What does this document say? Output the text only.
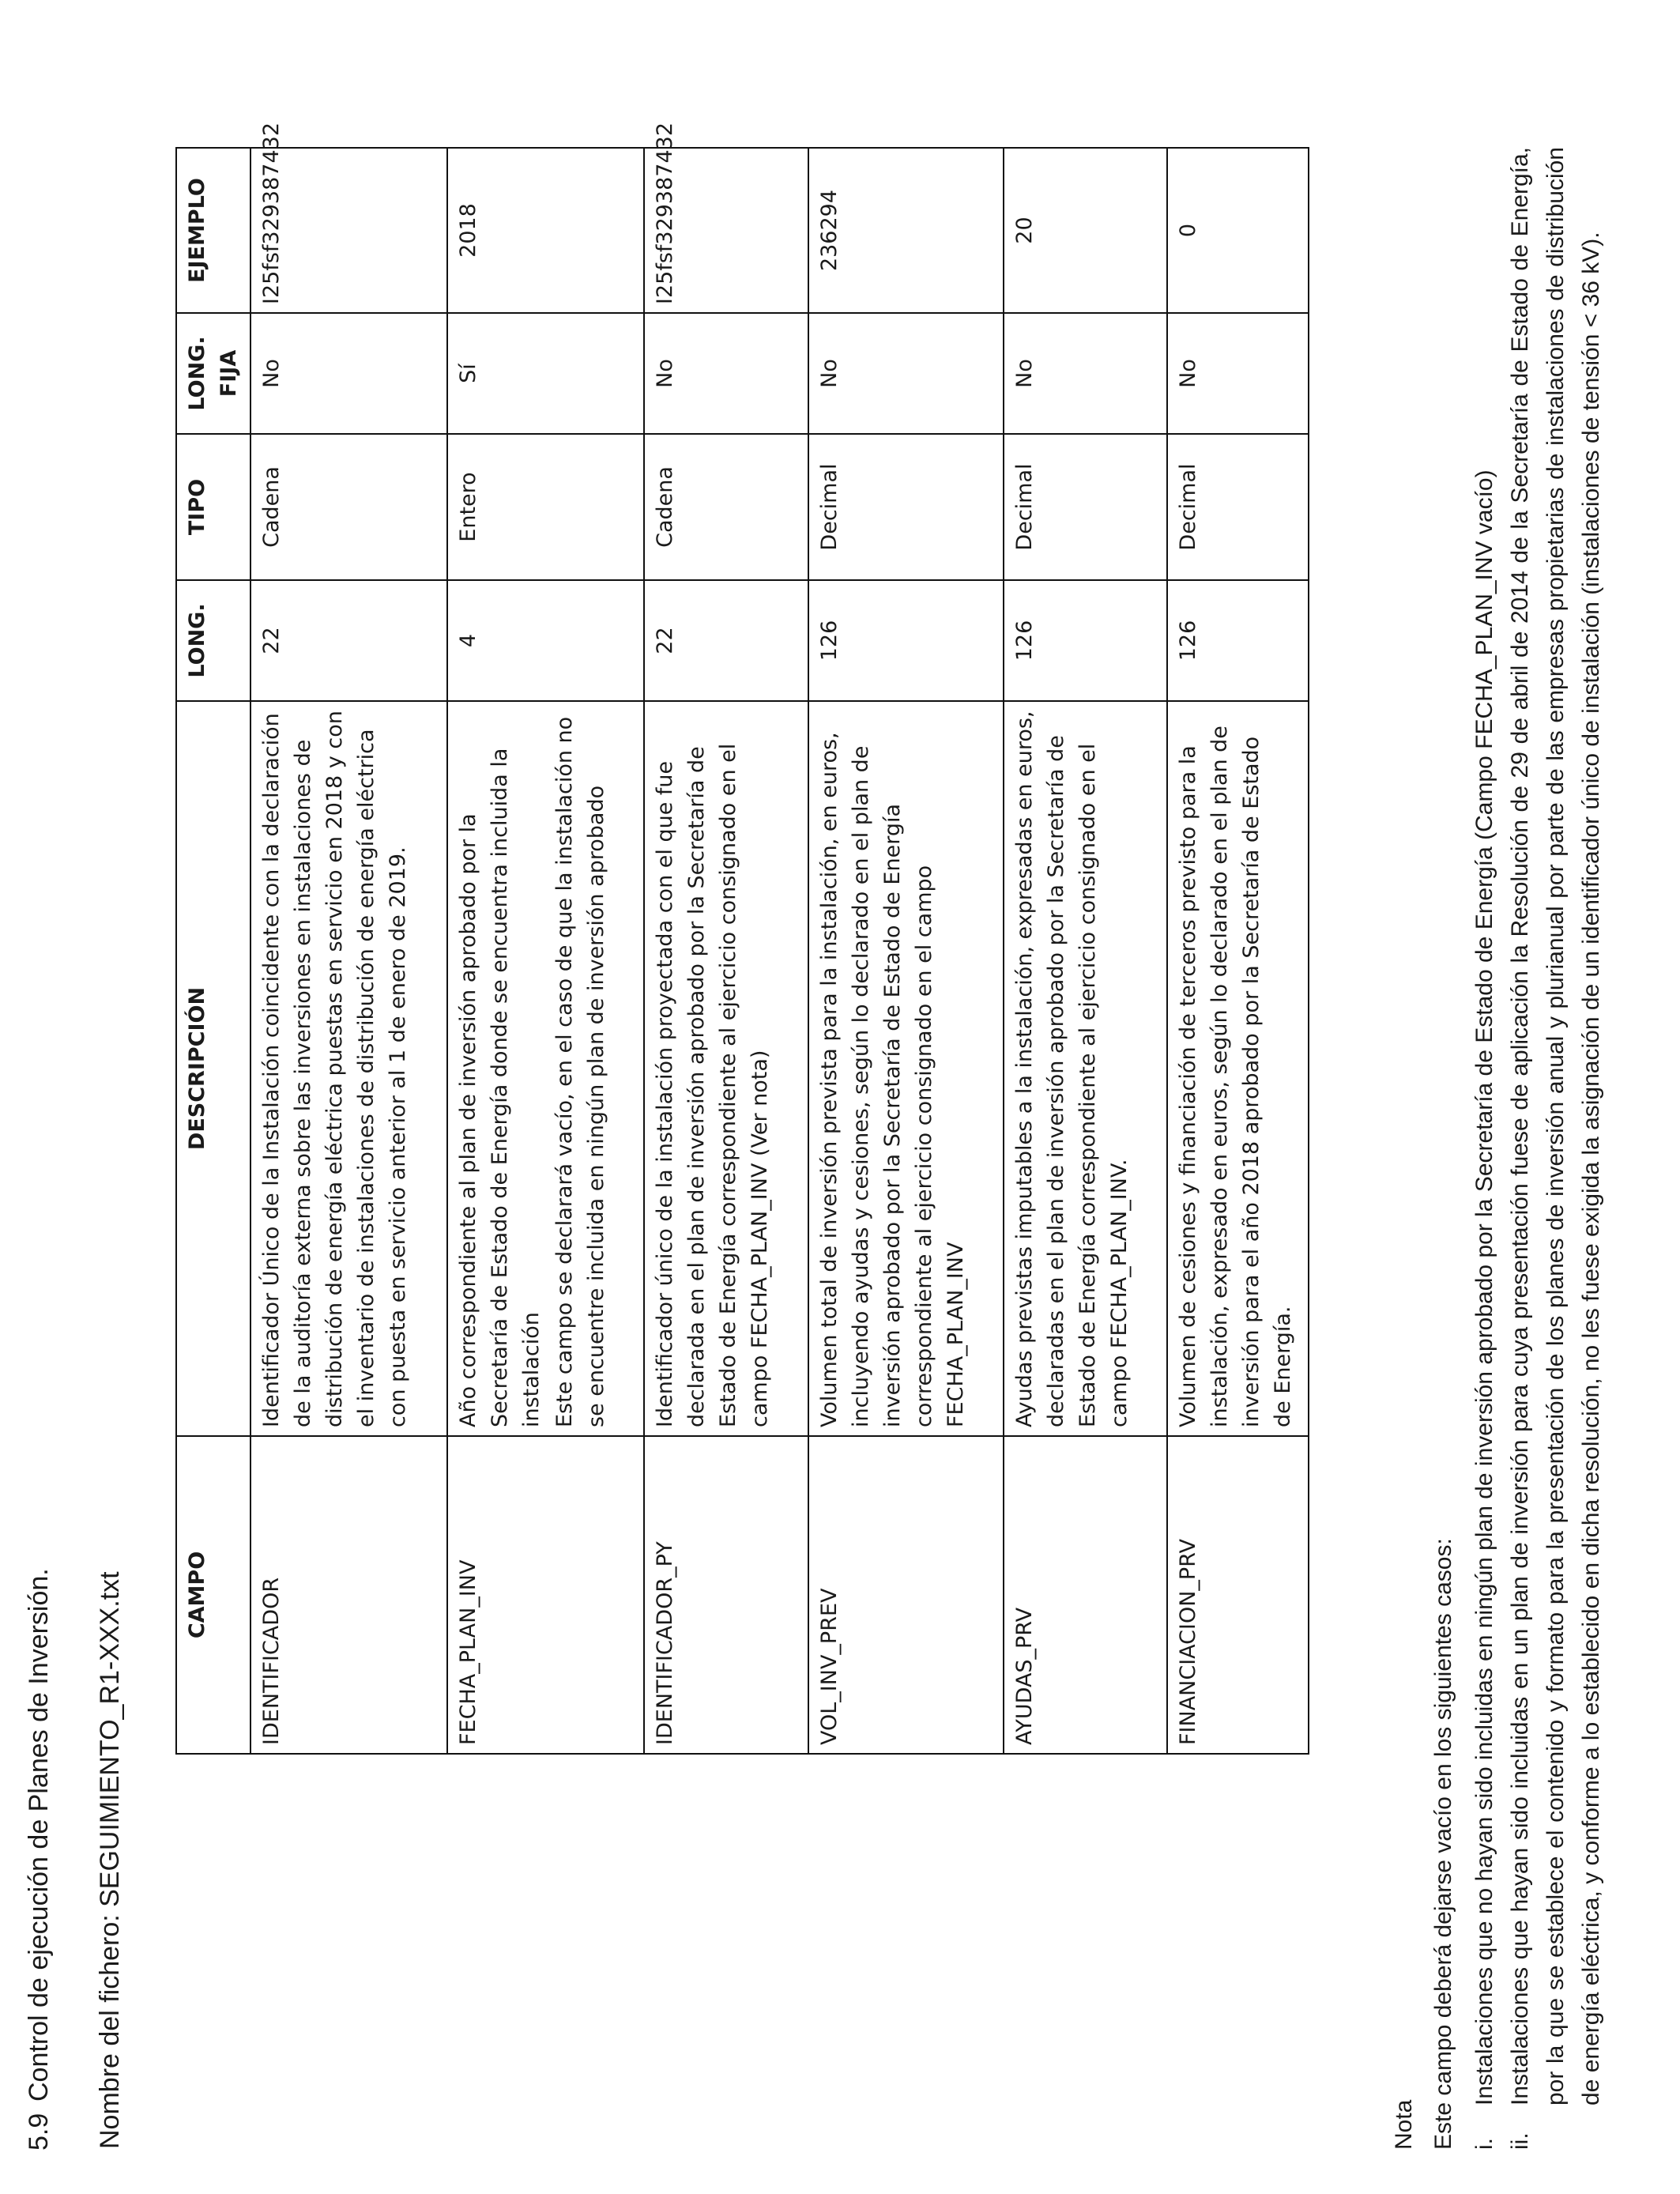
5.9Control de ejecución de Planes de Inversión. Nombre del fichero: SEGUIMIENTO_R1-XXX.txt	CAMPO	DESCRIPCIÓN	LONG.	TIPO	LONG. FIJA	EJEMPLO
IDENTIFICADOR	Identificador Único de la Instalación coincidente con la declaración de la auditoría externa sobre las inversiones en instalaciones de distribución de energía eléctrica puestas en servicio en 2018 y con el inventario de instalaciones de distribución de energía eléctrica con puesta en servicio anterior al 1 de enero de 2019.	22	Cadena	No	I25fsf329387432
FECHA_PLAN_INV	Año correspondiente al plan de inversión aprobado por la Secretaría de Estado de Energía donde se encuentra incluida la instalación Este campo se declarará vacío, en el caso de que la instalación no se encuentre incluida en ningún plan de inversión aprobado	4	Entero	Sí	2018
IDENTIFICADOR_PY	Identificador único de la instalación proyectada con el que fue declarada en el plan de inversión aprobado por la Secretaría de Estado de Energía correspondiente al ejercicio consignado en el campo FECHA_PLAN_INV (Ver nota)	22	Cadena	No	I25fsf329387432
VOL_INV_PREV	Volumen total de inversión prevista para la instalación, en euros, incluyendo ayudas y cesiones, según lo declarado en el plan de inversión aprobado por la Secretaría de Estado de Energía correspondiente al ejercicio consignado en el campo FECHA_PLAN_INV	126	Decimal	No	236294
AYUDAS_PRV	Ayudas previstas imputables a la instalación, expresadas en euros, declaradas en el plan de inversión aprobado por la Secretaría de Estado de Energía correspondiente al ejercicio consignado en el campo FECHA_PLAN_INV.	126	Decimal	No	20
FINANCIACION_PRV	Volumen de cesiones y financiación de terceros previsto para la instalación, expresado en euros, según lo declarado en el plan de inversión para el año 2018 aprobado por la Secretaría de Estado de Energía.	126	Decimal	No	0
Nota Este campo deberá dejarse vacío en los siguientes casos: i.
Instalaciones que no hayan sido incluidas en ningún plan de inversión aprobado por la Secretaría de Estado de Energía (Campo FECHA_PLAN_INV vacío)
ii.
Instalaciones que hayan sido incluidas en un plan de inversión para cuya presentación fuese de aplicación la Resolución de 29 de abril de 2014 de la Secretaría de Estado de Energía, por la que se establece el contenido y formato para la presentación de los planes de inversión anual y plurianual por parte de las empresas propietarias de instalaciones de distribución de energía eléctrica, y conforme a lo establecido en dicha resolución, no les fuese exigida la asignación de un identificador único de instalación (instalaciones de tensión < 36 kV).
